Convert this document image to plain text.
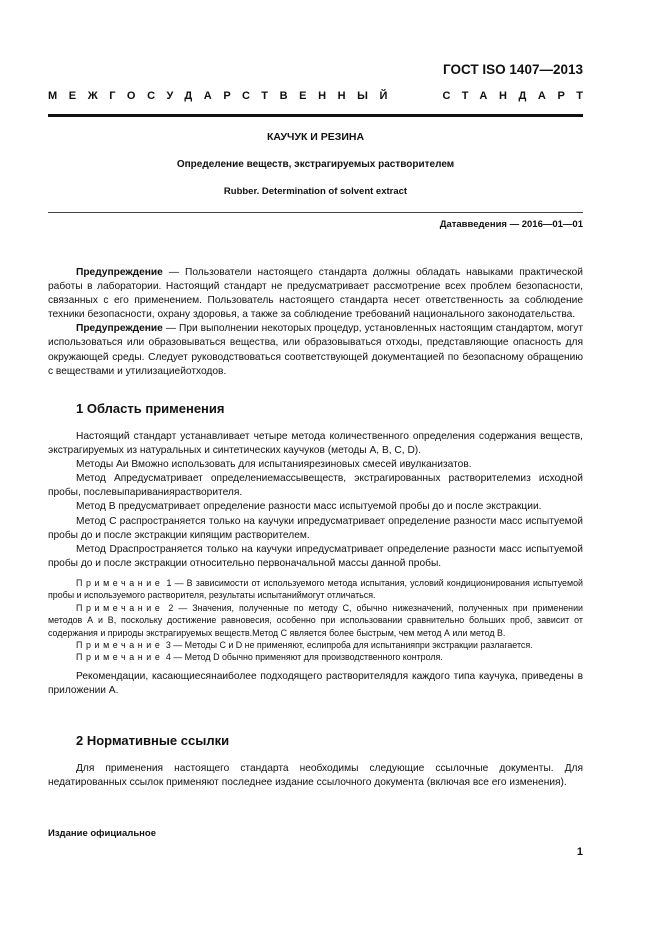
ГОСТ ISO 1407—2013
МЕЖГОСУДАРСТВЕННЫЙ	СТАНДАРТ
КАУЧУК И РЕЗИНА
Определение веществ, экстрагируемых растворителем
Rubber. Determination of solvent extract
Датавведения — 2016—01—01

Предупреждение — Пользователи настоящего стандарта должны обладать навыками практической работы в лаборатории. Настоящий стандарт не предусматривает рассмотрение всех проблем безопасности, связанных с его применением. Пользователь настоящего стандарта несет ответственность за соблюдение техники безопасности, охрану здоровья, а также за соблюдение требований национального законодательства.

Предупреждение — При выполнении некоторых процедур, установленных настоящим стандартом, могут использоваться или образовываться вещества, или образовываться отходы, представляющие опасность для окружающей среды. Следует руководствоваться соответствующей документацией по безопасному обращению с веществами и утилизациейотходов.

1 Область применения

Настоящий стандарт устанавливает четыре метода количественного определения содержания веществ, экстрагируемых из натуральных и синтетических каучуков (методы А, В, С, D).

Методы Аи Вможно использовать для испытаниярезиновых смесей ивулканизатов.

Метод Апредусматривает определениемассывеществ, экстрагированных растворителемиз исходной пробы, послевыпариваниярастворителя.

Метод В предусматривает определение разности масс испытуемой пробы до и после экстракции.

Метод С распространяется только на каучуки ипредусматривает определение разности масс испытуемой пробы до и после экстракции кипящим растворителем.

Метод Dраспространяется только на каучуки ипредусматривает определение разности масс испытуемой пробы до и после экстракции относительно первоначальной массы данной пробы.

Примечание 1 — В зависимости от используемого метода испытания, условий кондиционирования испытуемой пробы и используемого растворителя, результаты испытаниймогут отличаться.

Примечание 2 — Значения, полученные по методу С, обычно нижезначений, полученных при применении методов А и В, поскольку достижение равновесия, особенно при использовании сравнительно больших проб, зависит от содержания и природы экстрагируемых веществ.Метод С является более быстрым, чем метод А или метод В.

Примечание 3 — Методы С и D не применяют, еслипроба для испытанияпри экстракции разлагается.

Примечание 4 — Метод D обычно применяют для производственного контроля.

Рекомендации, касающиесянаиболее подходящего растворителядля каждого типа каучука, приведены в приложении А.

2 Нормативные ссылки

Для применения настоящего стандарта необходимы следующие ссылочные документы. Для недатированных ссылок применяют последнее издание ссылочного документа (включая все его изменения).

Издание официальное
1
